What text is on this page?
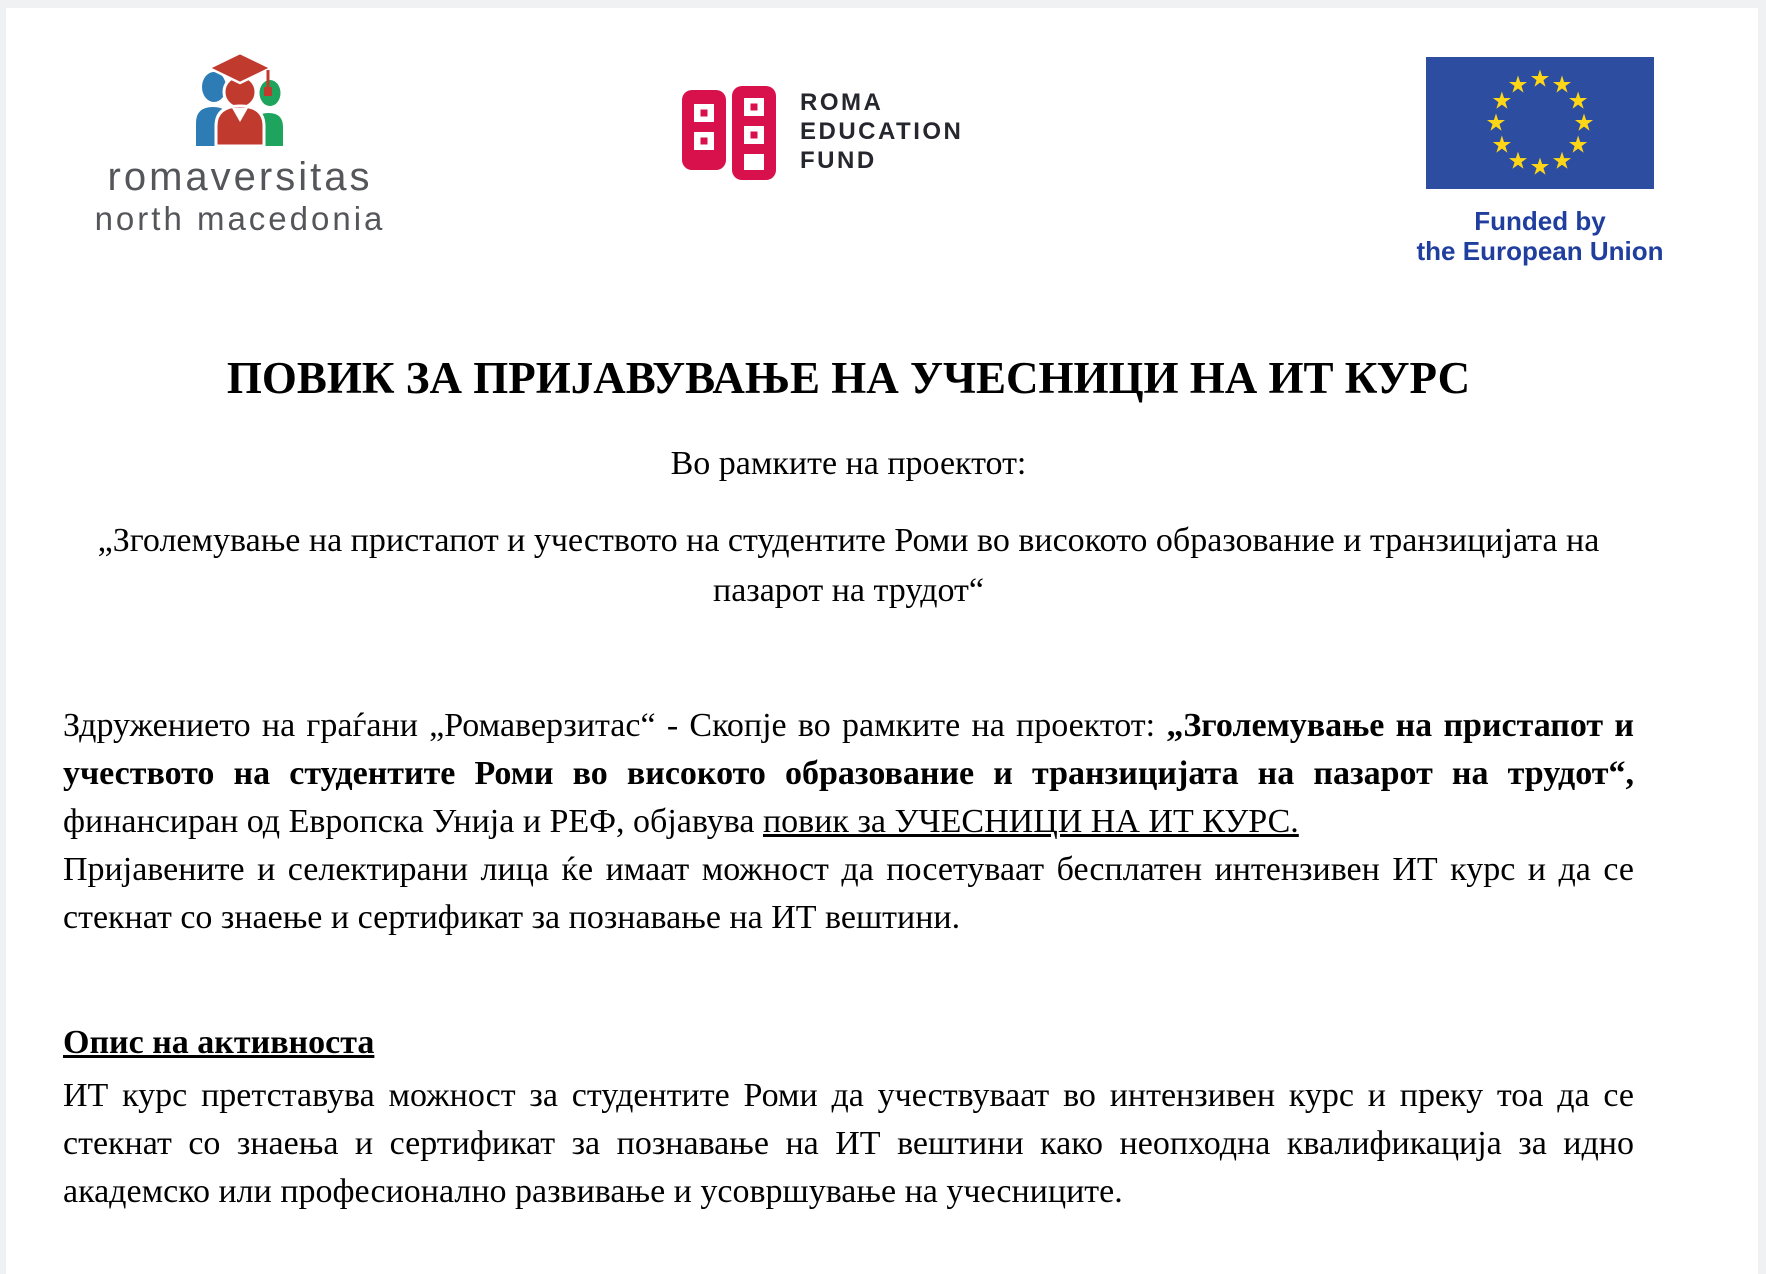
romaversitas
north macedonia
ROMA
EDUCATION
FUND
Funded by
the European Union
ПОВИК ЗА ПРИЈАВУВАЊЕ НА УЧЕСНИЦИ НА ИТ КУРС

Во рамките на проектот:

„Зголемување на пристапот и учеството на студентите Роми во високото образование и транзицијата на пазарот на трудот“

Здружението на граѓани „Ромаверзитас“ - Скопје во рамките на проектот: „Зголемување на пристапот и учеството на студентите Роми во високото образование и транзицијата на пазарот на трудот“, финансиран од Европска Унија и РЕФ, објавува повик за УЧЕСНИЦИ НА ИТ КУРС.
Пријавените и селектирани лица ќе имаат можност да посетуваат бесплатен интензивен ИТ курс и да се стекнат со знаење и сертификат за познавање на ИТ вештини.

Опис на активноста

ИТ курс претставува можност за студентите Роми да учествуваат во интензивен курс и преку тоа да се стекнат со знаења и сертификат за познавање на ИТ вештини како неопходна квалификација за идно академско или професионално развивање и усовршување на учесниците.
